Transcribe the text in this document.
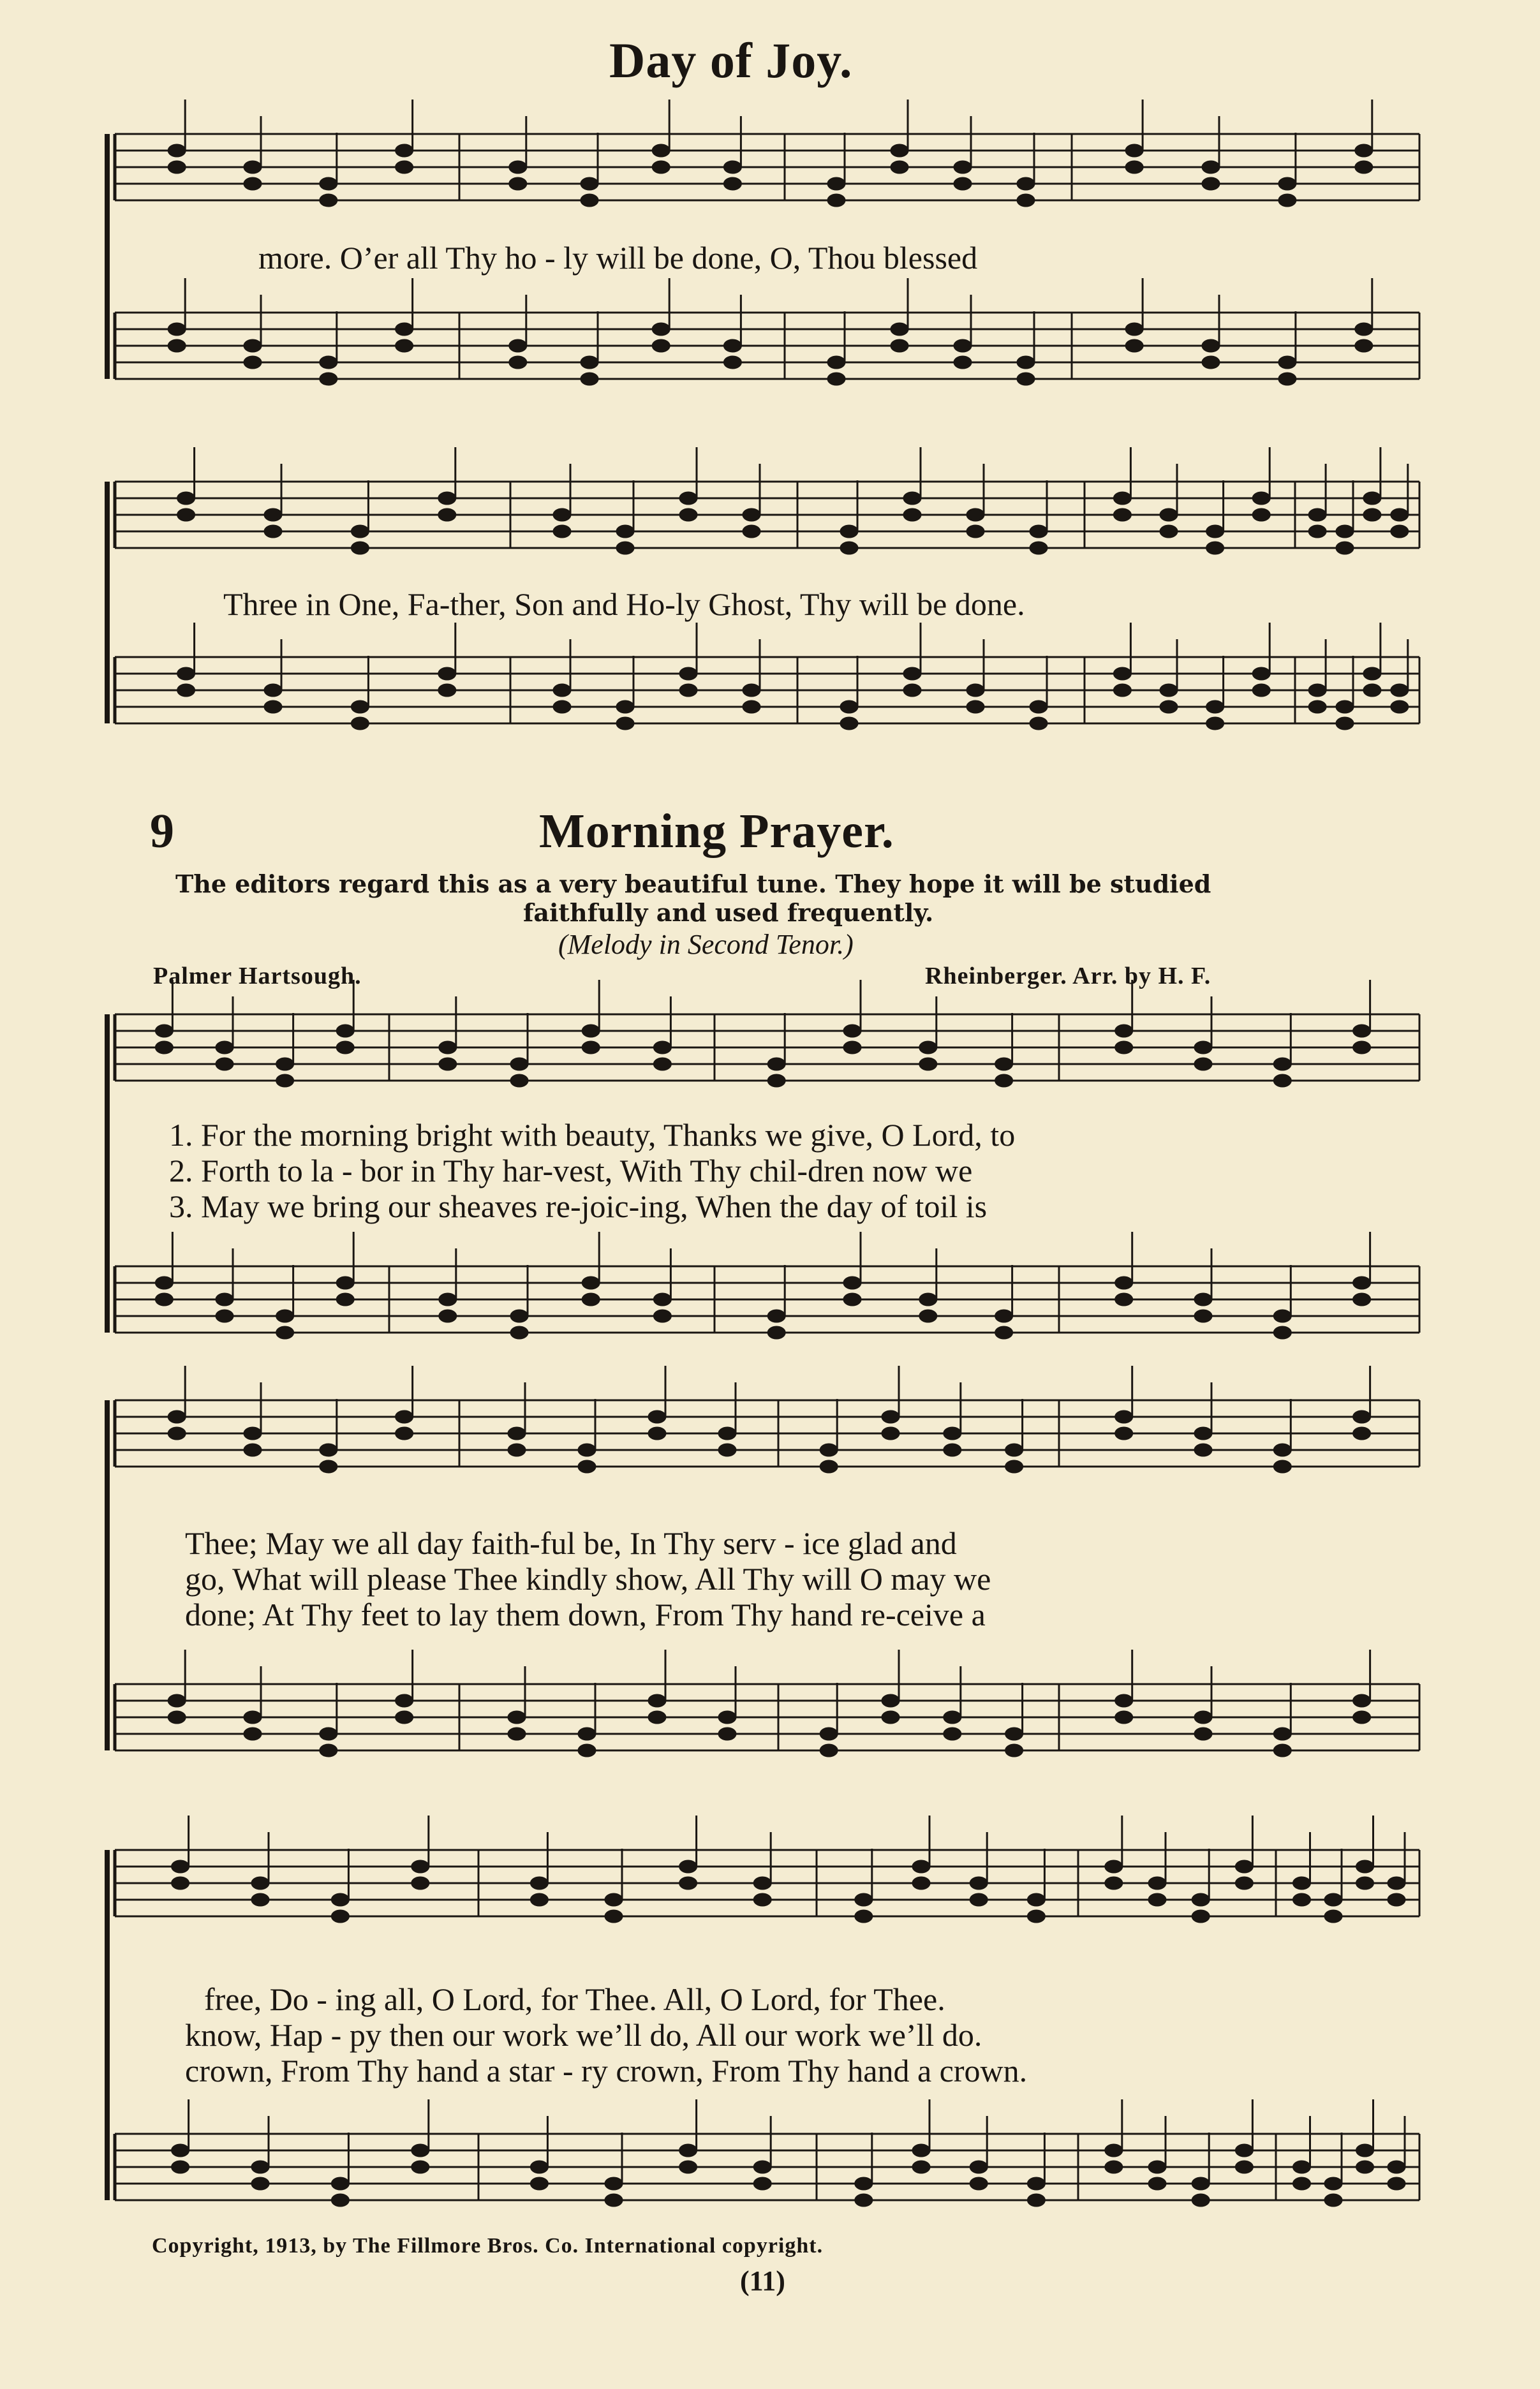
Day of Joy.
more. O’er all Thy ho - ly will be done, O, Thou blessed
Three in One, Fa-ther, Son and Ho-ly Ghost, Thy will be done.
9	Morning Prayer.
The editors regard this as a very beautiful tune. They hope it will be studied
faithfully and used frequently.
(Melody in Second Tenor.)
Palmer Hartsough.	Rheinberger. Arr. by H. F.
1. For the morning bright with beauty, Thanks we give, O Lord, to
2. Forth to la - bor in Thy har-vest, With Thy chil-dren now we
3. May we bring our sheaves re-joic-ing, When the day of toil is
Thee; May we all day faith-ful be, In Thy serv - ice glad and
go, What will please Thee kindly show, All Thy will O may we
done; At Thy feet to lay them down, From Thy hand re-ceive a
free, Do - ing all, O Lord, for Thee. All, O Lord, for Thee.
know, Hap - py then our work we’ll do, All our work we’ll do.
crown, From Thy hand a star - ry crown, From Thy hand a crown.
Copyright, 1913, by The Fillmore Bros. Co. International copyright.
(11)
